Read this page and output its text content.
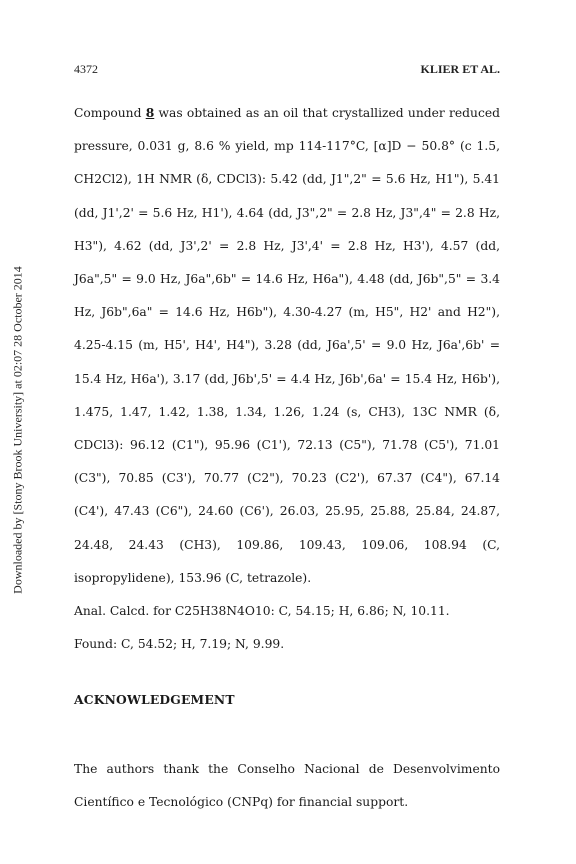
Downloaded by [Stony Brook University] at 02:07 28 October 2014
4372	KLIER ET AL.

Compound 8 was obtained as an oil that crystallized under reduced pressure, 0.031 g, 8.6 % yield, mp 114-117°C, [α]D − 50.8° (c 1.5, CH2Cl2), 1H NMR (δ, CDCl3): 5.42 (dd, J1",2" = 5.6 Hz, H1"), 5.41 (dd, J1',2' = 5.6 Hz, H1'), 4.64 (dd, J3",2" = 2.8 Hz, J3",4" = 2.8 Hz, H3"), 4.62 (dd, J3',2' = 2.8 Hz, J3',4' = 2.8 Hz, H3'), 4.57 (dd, J6a",5" = 9.0 Hz, J6a",6b" = 14.6 Hz, H6a"), 4.48 (dd, J6b",5" = 3.4 Hz, J6b",6a" = 14.6 Hz, H6b"), 4.30-4.27 (m, H5", H2' and H2"), 4.25-4.15 (m, H5', H4', H4"), 3.28 (dd, J6a',5' = 9.0 Hz, J6a',6b' = 15.4 Hz, H6a'), 3.17 (dd, J6b',5' = 4.4 Hz, J6b',6a' = 15.4 Hz, H6b'), 1.475, 1.47, 1.42, 1.38, 1.34, 1.26, 1.24 (s, CH3), 13C NMR (δ, CDCl3): 96.12 (C1"), 95.96 (C1'), 72.13 (C5"), 71.78 (C5'), 71.01 (C3"), 70.85 (C3'), 70.77 (C2"), 70.23 (C2'), 67.37 (C4"), 67.14 (C4'), 47.43 (C6"), 24.60 (C6'), 26.03, 25.95, 25.88, 25.84, 24.87, 24.48, 24.43 (CH3), 109.86, 109.43, 109.06, 108.94 (C, isopropylidene), 153.96 (C, tetrazole).

Anal. Calcd. for C25H38N4O10: C, 54.15; H, 6.86; N, 10.11.

Found: C, 54.52; H, 7.19; N, 9.99.

ACKNOWLEDGEMENT

The authors thank the Conselho Nacional de Desenvolvimento Científico e Tecnológico (CNPq) for financial support.
